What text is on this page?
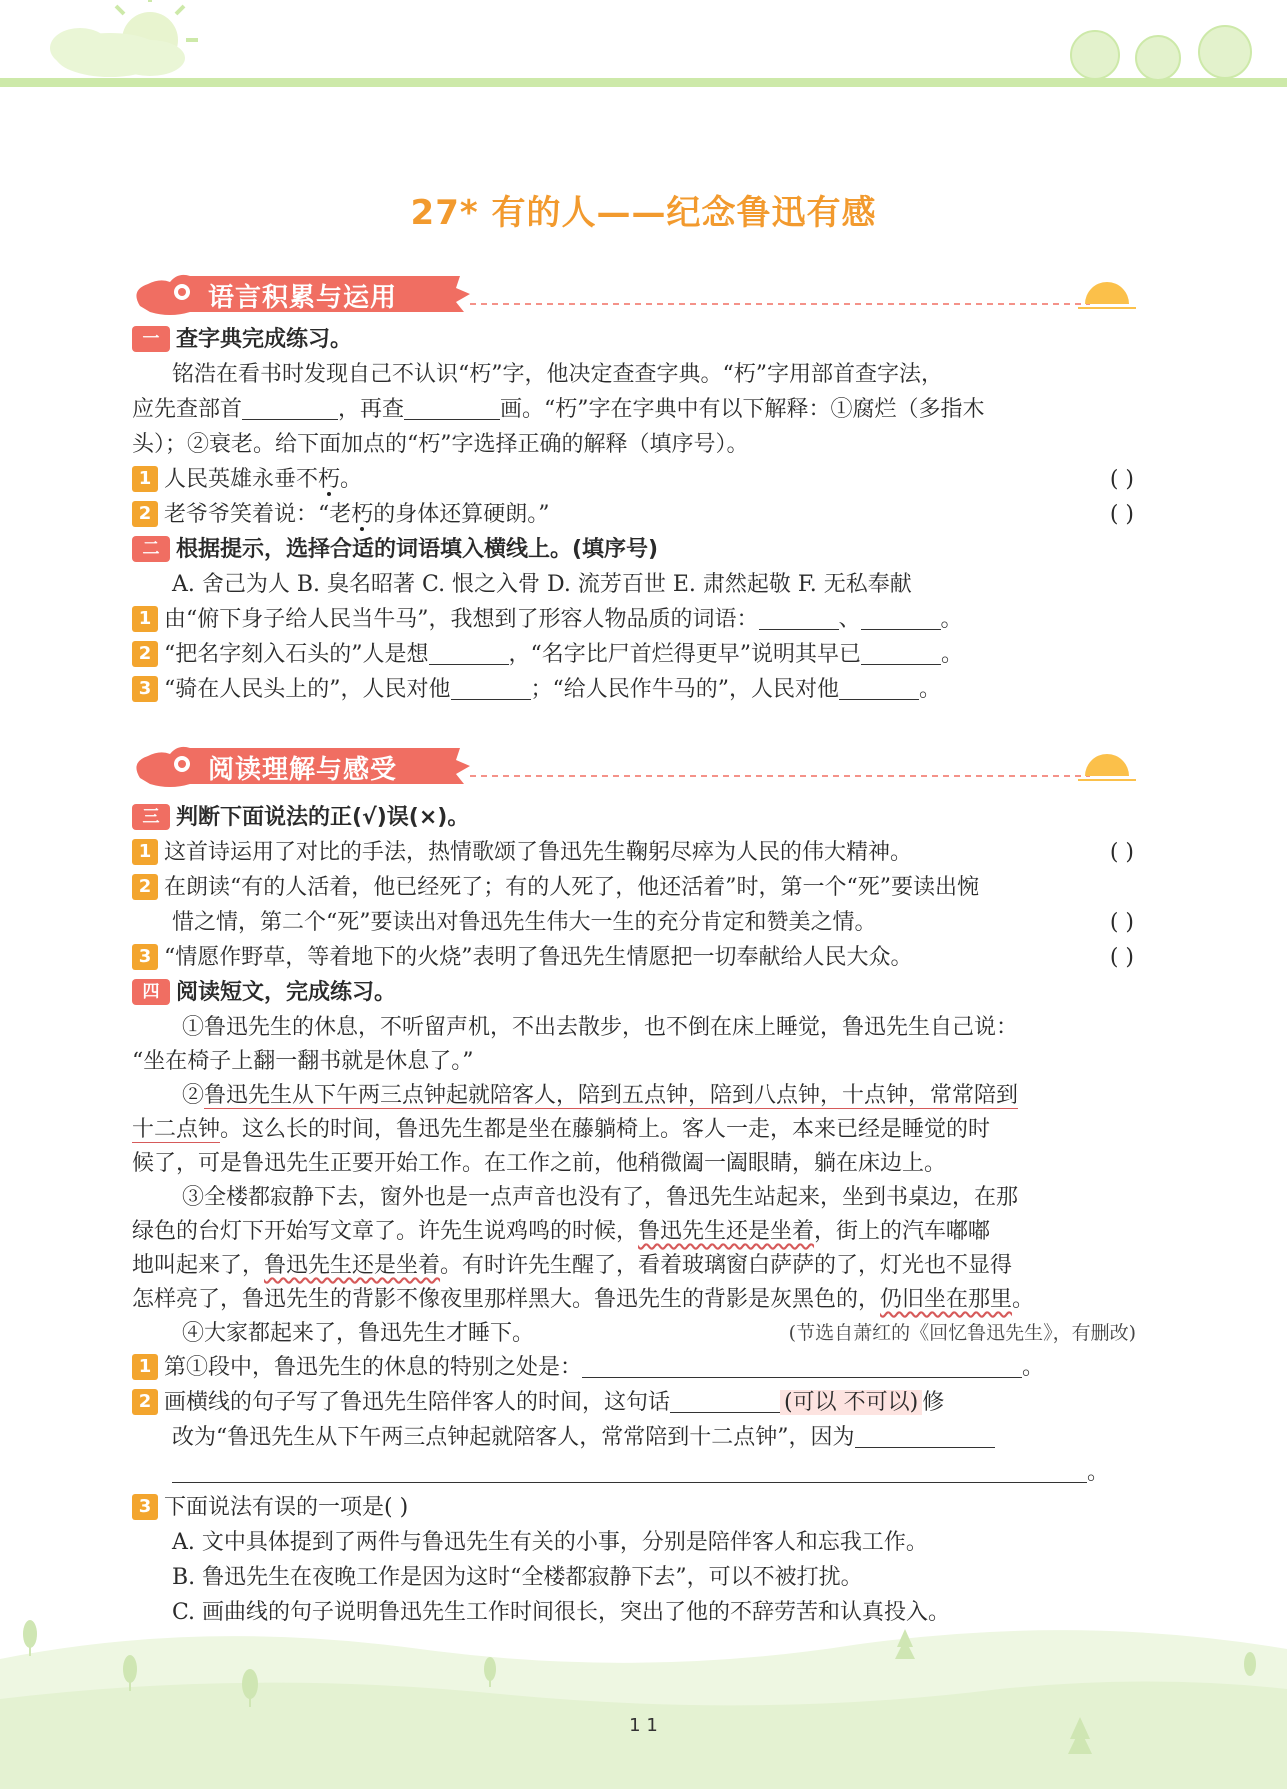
27* 有的人——纪念鲁迅有感
语言积累与运用
一 查字典完成练习。
铭浩在看书时发现自己不认识“朽”字，他决定查查字典。“朽”字用部首查字法，
应先查部首	，再查	画。“朽”字在字典中有以下解释：①腐烂（多指木
头）；②衰老。给下面加点的“朽”字选择正确的解释（填序号）。
1 人民英雄永垂不朽。	( )
2 老爷爷笑着说：“老朽的身体还算硬朗。”	( )
二 根据提示，选择合适的词语填入横线上。(填序号)
A. 舍己为人 B. 臭名昭著 C. 恨之入骨 D. 流芳百世 E. 肃然起敬 F. 无私奉献
1 由“俯下身子给人民当牛马”，我想到了形容人物品质的词语：	、	。
2 “把名字刻入石头的”人是想	，“名字比尸首烂得更早”说明其早已	。
3 “骑在人民头上的”，人民对他	；“给人民作牛马的”，人民对他	。
阅读理解与感受
三 判断下面说法的正(√)误(×)。
1 这首诗运用了对比的手法，热情歌颂了鲁迅先生鞠躬尽瘁为人民的伟大精神。	( )
2 在朗读“有的人活着，他已经死了；有的人死了，他还活着”时，第一个“死”要读出惋
惜之情，第二个“死”要读出对鲁迅先生伟大一生的充分肯定和赞美之情。	( )
3 “情愿作野草，等着地下的火烧”表明了鲁迅先生情愿把一切奉献给人民大众。	( )
四 阅读短文，完成练习。
①鲁迅先生的休息，不听留声机，不出去散步，也不倒在床上睡觉，鲁迅先生自己说：
“坐在椅子上翻一翻书就是休息了。”
②鲁迅先生从下午两三点钟起就陪客人，陪到五点钟，陪到八点钟，十点钟，常常陪到
十二点钟。这么长的时间，鲁迅先生都是坐在藤躺椅上。客人一走，本来已经是睡觉的时
候了，可是鲁迅先生正要开始工作。在工作之前，他稍微阖一阖眼睛，躺在床边上。
③全楼都寂静下去，窗外也是一点声音也没有了，鲁迅先生站起来，坐到书桌边，在那
绿色的台灯下开始写文章了。许先生说鸡鸣的时候，鲁迅先生还是坐着，街上的汽车嘟嘟
地叫起来了，鲁迅先生还是坐着。有时许先生醒了，看着玻璃窗白萨萨的了，灯光也不显得
怎样亮了，鲁迅先生的背影不像夜里那样黑大。鲁迅先生的背影是灰黑色的，仍旧坐在那里。
④大家都起来了，鲁迅先生才睡下。	(节选自萧红的《回忆鲁迅先生》，有删改)
1 第①段中，鲁迅先生的休息的特别之处是：	。
2 画横线的句子写了鲁迅先生陪伴客人的时间，这句话	(可以 不可以) 修
改为“鲁迅先生从下午两三点钟起就陪客人，常常陪到十二点钟”，因为
。
3 下面说法有误的一项是( )
A. 文中具体提到了两件与鲁迅先生有关的小事，分别是陪伴客人和忘我工作。
B. 鲁迅先生在夜晚工作是因为这时“全楼都寂静下去”，可以不被打扰。
C. 画曲线的句子说明鲁迅先生工作时间很长，突出了他的不辞劳苦和认真投入。
1 1
